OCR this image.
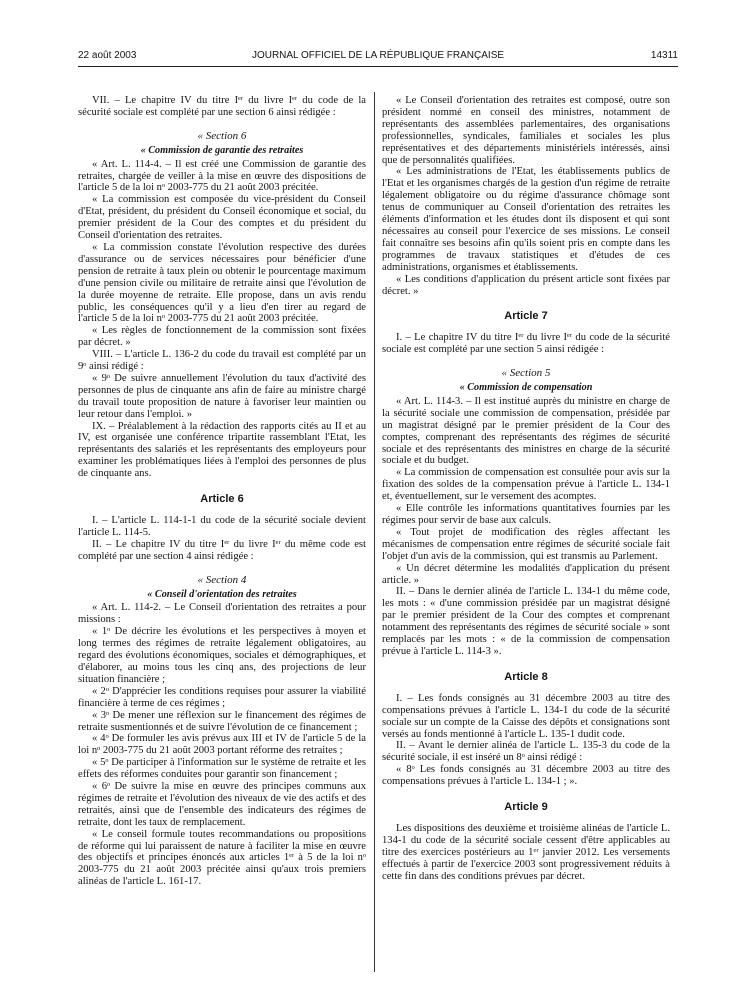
22 août 2003	JOURNAL OFFICIEL DE LA RÉPUBLIQUE FRANÇAISE	14311

VII. – Le chapitre IV du titre Iᵉʳ du livre Iᵉʳ du code de la sécurité sociale est complété par une section 6 ainsi rédigée :

« Section 6
« Commission de garantie des retraites

« Art. L. 114-4. – Il est créé une Commission de garantie des retraites, chargée de veiller à la mise en œuvre des dispositions de l'article 5 de la loi nᵒ 2003-775 du 21 août 2003 précitée.

« La commission est composée du vice-président du Conseil d'Etat, président, du président du Conseil économique et social, du premier président de la Cour des comptes et du président du Conseil d'orientation des retraites.

« La commission constate l'évolution respective des durées d'assurance ou de services nécessaires pour bénéficier d'une pension de retraite à taux plein ou obtenir le pourcentage maximum d'une pension civile ou militaire de retraite ainsi que l'évolution de la durée moyenne de retraite. Elle propose, dans un avis rendu public, les conséquences qu'il y a lieu d'en tirer au regard de l'article 5 de la loi nᵒ 2003-775 du 21 août 2003 précitée.

« Les règles de fonctionnement de la commission sont fixées par décret. »

VIII. – L'article L. 136-2 du code du travail est complété par un 9ᵒ ainsi rédigé :

« 9ᵒ De suivre annuellement l'évolution du taux d'activité des personnes de plus de cinquante ans afin de faire au ministre chargé du travail toute proposition de nature à favoriser leur maintien ou leur retour dans l'emploi. »

IX. – Préalablement à la rédaction des rapports cités au II et au IV, est organisée une conférence tripartite rassemblant l'Etat, les représentants des salariés et les représentants des employeurs pour examiner les problématiques liées à l'emploi des personnes de plus de cinquante ans.

Article 6

I. – L'article L. 114-1-1 du code de la sécurité sociale devient l'article L. 114-5.

II. – Le chapitre IV du titre Iᵉʳ du livre Iᵉʳ du même code est complété par une section 4 ainsi rédigée :

« Section 4
« Conseil d'orientation des retraites

« Art. L. 114-2. – Le Conseil d'orientation des retraites a pour missions :

« 1ᵒ De décrire les évolutions et les perspectives à moyen et long termes des régimes de retraite légalement obligatoires, au regard des évolutions économiques, sociales et démographiques, et d'élaborer, au moins tous les cinq ans, des projections de leur situation financière ;

« 2ᵒ D'apprécier les conditions requises pour assurer la viabilité financière à terme de ces régimes ;

« 3ᵒ De mener une réflexion sur le financement des régimes de retraite susmentionnés et de suivre l'évolution de ce financement ;

« 4ᵒ De formuler les avis prévus aux III et IV de l'article 5 de la loi nᵒ 2003-775 du 21 août 2003 portant réforme des retraites ;

« 5ᵒ De participer à l'information sur le système de retraite et les effets des réformes conduites pour garantir son financement ;

« 6ᵒ De suivre la mise en œuvre des principes communs aux régimes de retraite et l'évolution des niveaux de vie des actifs et des retraités, ainsi que de l'ensemble des indicateurs des régimes de retraite, dont les taux de remplacement.

« Le conseil formule toutes recommandations ou propositions de réforme qui lui paraissent de nature à faciliter la mise en œuvre des objectifs et principes énoncés aux articles 1ᵉʳ à 5 de la loi nᵒ 2003-775 du 21 août 2003 précitée ainsi qu'aux trois premiers alinéas de l'article L. 161-17.

« Le Conseil d'orientation des retraites est composé, outre son président nommé en conseil des ministres, notamment de représentants des assemblées parlementaires, des organisations professionnelles, syndicales, familiales et sociales les plus représentatives et des départements ministériels intéressés, ainsi que de personnalités qualifiées.

« Les administrations de l'Etat, les établissements publics de l'Etat et les organismes chargés de la gestion d'un régime de retraite légalement obligatoire ou du régime d'assurance chômage sont tenus de communiquer au Conseil d'orientation des retraites les éléments d'information et les études dont ils disposent et qui sont nécessaires au conseil pour l'exercice de ses missions. Le conseil fait connaître ses besoins afin qu'ils soient pris en compte dans les programmes de travaux statistiques et d'études de ces administrations, organismes et établissements.

« Les conditions d'application du présent article sont fixées par décret. »

Article 7

I. – Le chapitre IV du titre Iᵉʳ du livre Iᵉʳ du code de la sécurité sociale est complété par une section 5 ainsi rédigée :

« Section 5
« Commission de compensation

« Art. L. 114-3. – Il est institué auprès du ministre en charge de la sécurité sociale une commission de compensation, présidée par un magistrat désigné par le premier président de la Cour des comptes, comprenant des représentants des régimes de sécurité sociale et des représentants des ministres en charge de la sécurité sociale et du budget.

« La commission de compensation est consultée pour avis sur la fixation des soldes de la compensation prévue à l'article L. 134-1 et, éventuellement, sur le versement des acomptes.

« Elle contrôle les informations quantitatives fournies par les régimes pour servir de base aux calculs.

« Tout projet de modification des règles affectant les mécanismes de compensation entre régimes de sécurité sociale fait l'objet d'un avis de la commission, qui est transmis au Parlement.

« Un décret détermine les modalités d'application du présent article. »

II. – Dans le dernier alinéa de l'article L. 134-1 du même code, les mots : « d'une commission présidée par un magistrat désigné par le premier président de la Cour des comptes et comprenant notamment des représentants des régimes de sécurité sociale » sont remplacés par les mots : « de la commission de compensation prévue à l'article L. 114-3 ».

Article 8

I. – Les fonds consignés au 31 décembre 2003 au titre des compensations prévues à l'article L. 134-1 du code de la sécurité sociale sur un compte de la Caisse des dépôts et consignations sont versés au fonds mentionné à l'article L. 135-1 dudit code.

II. – Avant le dernier alinéa de l'article L. 135-3 du code de la sécurité sociale, il est inséré un 8ᵒ ainsi rédigé :

« 8ᵒ Les fonds consignés au 31 décembre 2003 au titre des compensations prévues à l'article L. 134-1 ; ».

Article 9

Les dispositions des deuxième et troisième alinéas de l'article L. 134-1 du code de la sécurité sociale cessent d'être applicables au titre des exercices postérieurs au 1ᵉʳ janvier 2012. Les versements effectués à partir de l'exercice 2003 sont progressivement réduits à cette fin dans des conditions prévues par décret.
